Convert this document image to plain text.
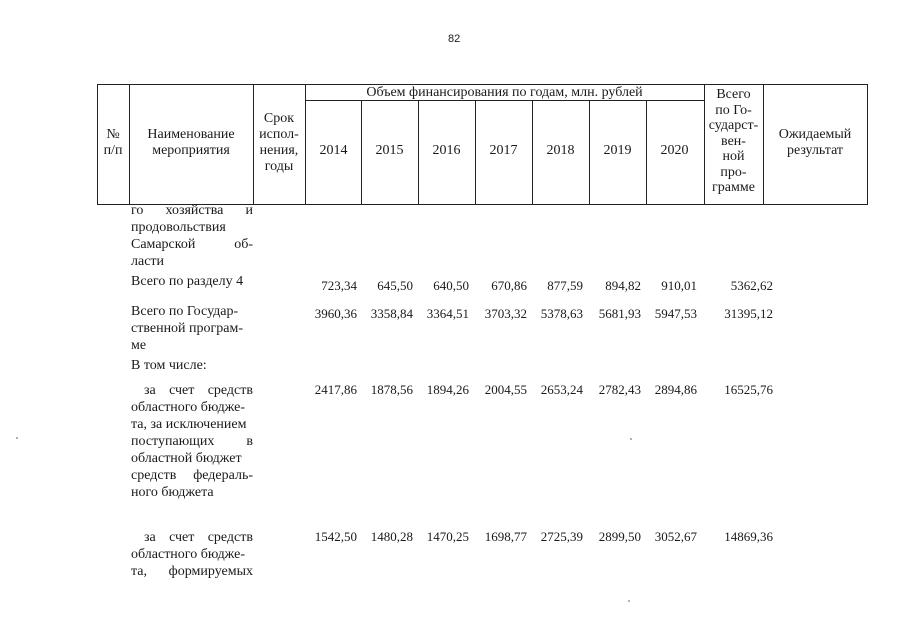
82
№
п/п
Наименование
мероприятия
Срок
испол-
нения,
годы
Объем финансирования по годам, млн. рублей
2014	2015	2016	2017	2018	2019	2020
Всего
по Го-
сударст-
вен-
ной
про-
грамме
Ожидаемый
результат
го хозяйства и
продовольствия
Самарской	об-
ласти
Всего по разделу 4	723,34 645,50 640,50 670,86 877,59 894,82 910,01	5362,62
Всего по Государ-
ственной програм-
ме
3960,36 3358,84 3364,51 3703,32 5378,63 5681,93 5947,53 31395,12
В том числе:
за счет средств
областного бюдже-
та, за исключением
поступающих в
областной бюджет
средств федераль-
ного бюджета
2417,86 1878,56 1894,26 2004,55 2653,24 2782,43 2894,86 16525,76
за счет средств
областного бюдже-
та, формируемых
1542,50 1480,28 1470,25 1698,77 2725,39 2899,50 3052,67 14869,36
